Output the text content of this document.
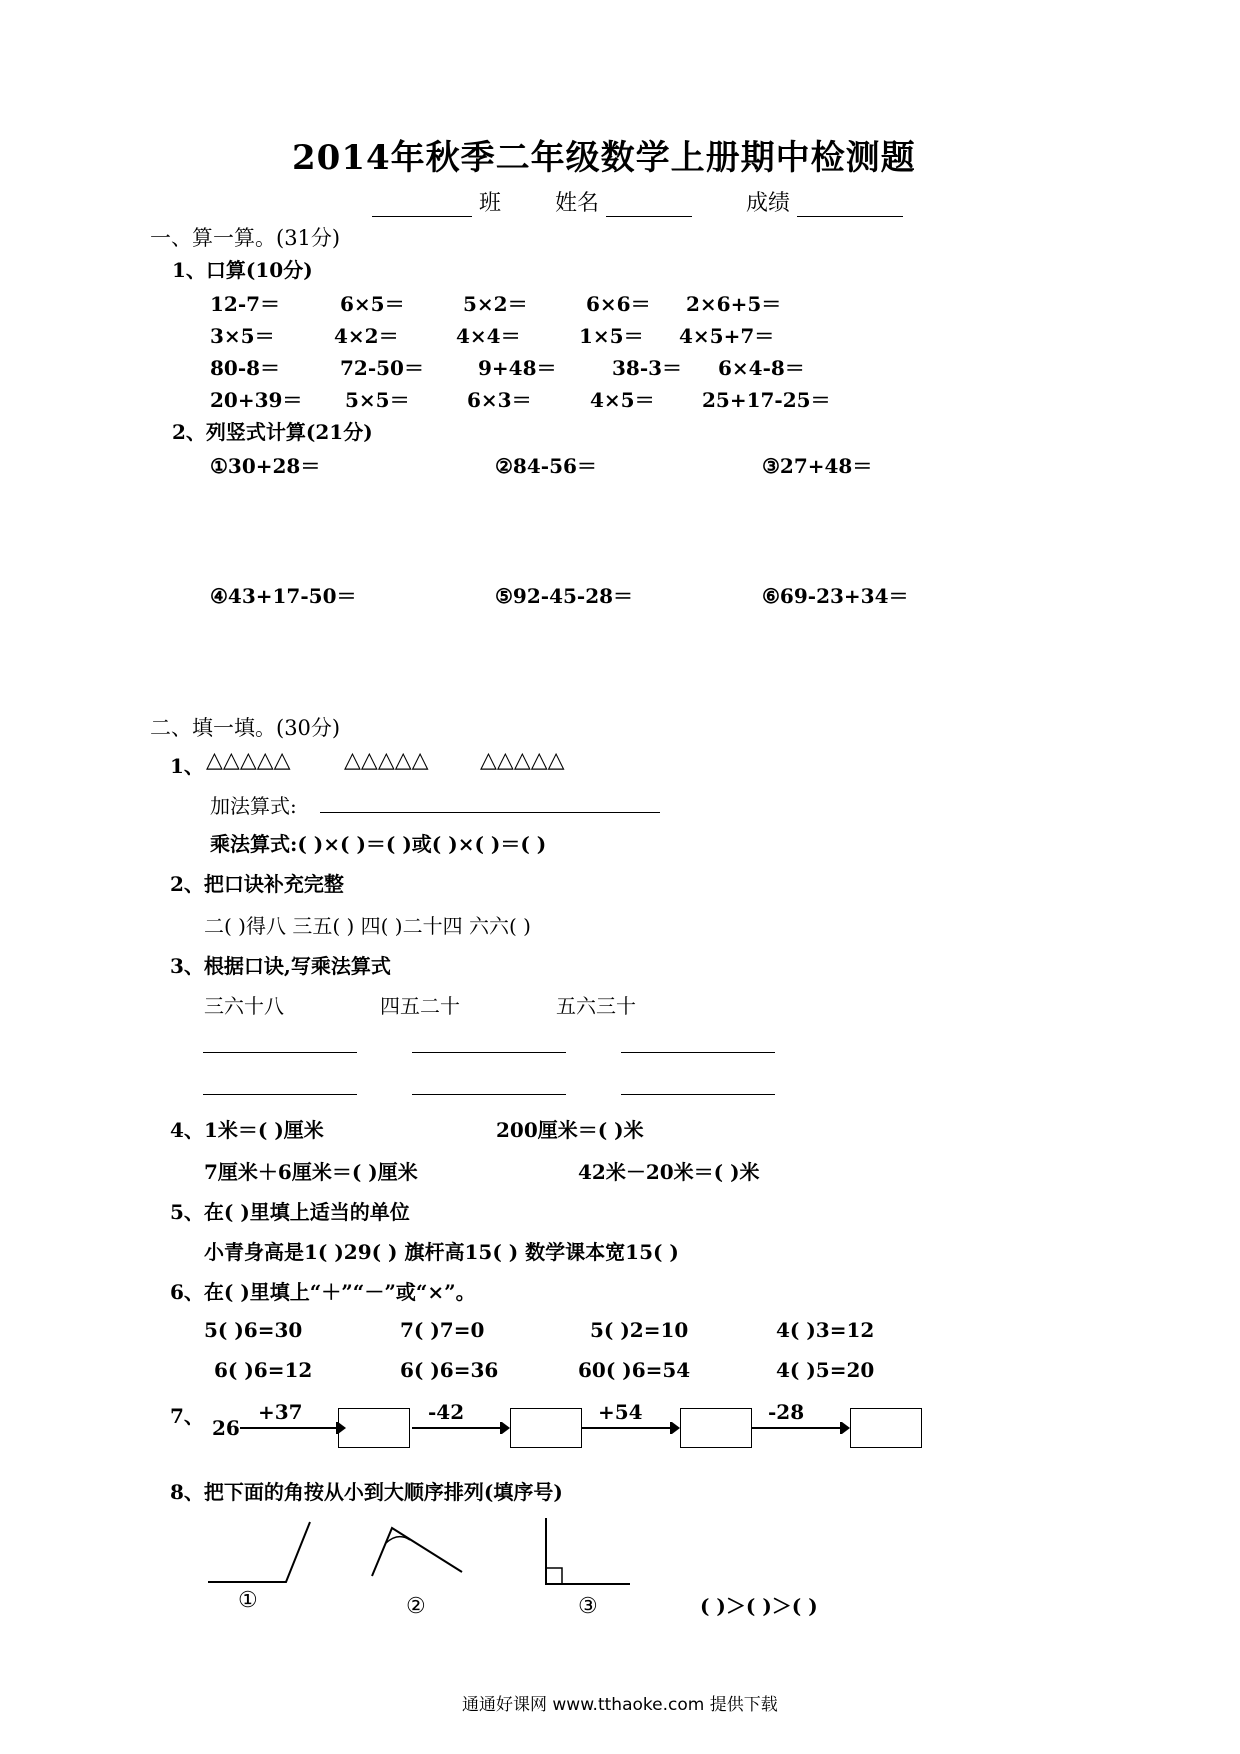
2014年秋季二年级数学上册期中检测题
班 姓名	成绩
一、算一算。(31分)
1、口算(10分)
12-7＝	6×5＝	5×2＝	6×6＝ 2×6+5＝
3×5＝	4×2＝	4×4＝	1×5＝ 4×5+7＝
80-8＝	72-50＝	9+48＝	38-3＝ 6×4-8＝
20+39＝ 5×5＝	6×3＝	4×5＝ 25+17-25＝
2、列竖式计算(21分)
①30+28＝	②84-56＝	③27+48＝
④43+17-50＝	⑤92-45-28＝	⑥69-23+34＝
二、填一填。(30分)
1、 △△△△△ △△△△△ △△△△△
加法算式:
乘法算式:( )×( )＝( )或( )×( )＝( )
2、把口诀补充完整
二( )得八 三五( ) 四( )二十四 六六( )
3、根据口诀,写乘法算式
三六十八	四五二十	五六三十
4、 1米＝( )厘米	200厘米＝( )米
7厘米＋6厘米＝( )厘米	42米－20米＝( )米
5、在( )里填上适当的单位
小青身高是1( )29( ) 旗杆高15( ) 数学课本宽15( )
6、在( )里填上“＋”“－”或“×”。
5( )6=30	7( )7=0	5( )2=10	4( )3=12
6( )6=12	6( )6=36	60( )6=54	4( )5=20
7、 26
+37	-42	+54	-28
8、把下面的角按从小到大顺序排列(填序号)
①	②	③	( )＞( )＞( )
通通好课网 www.tthaoke.com 提供下载
